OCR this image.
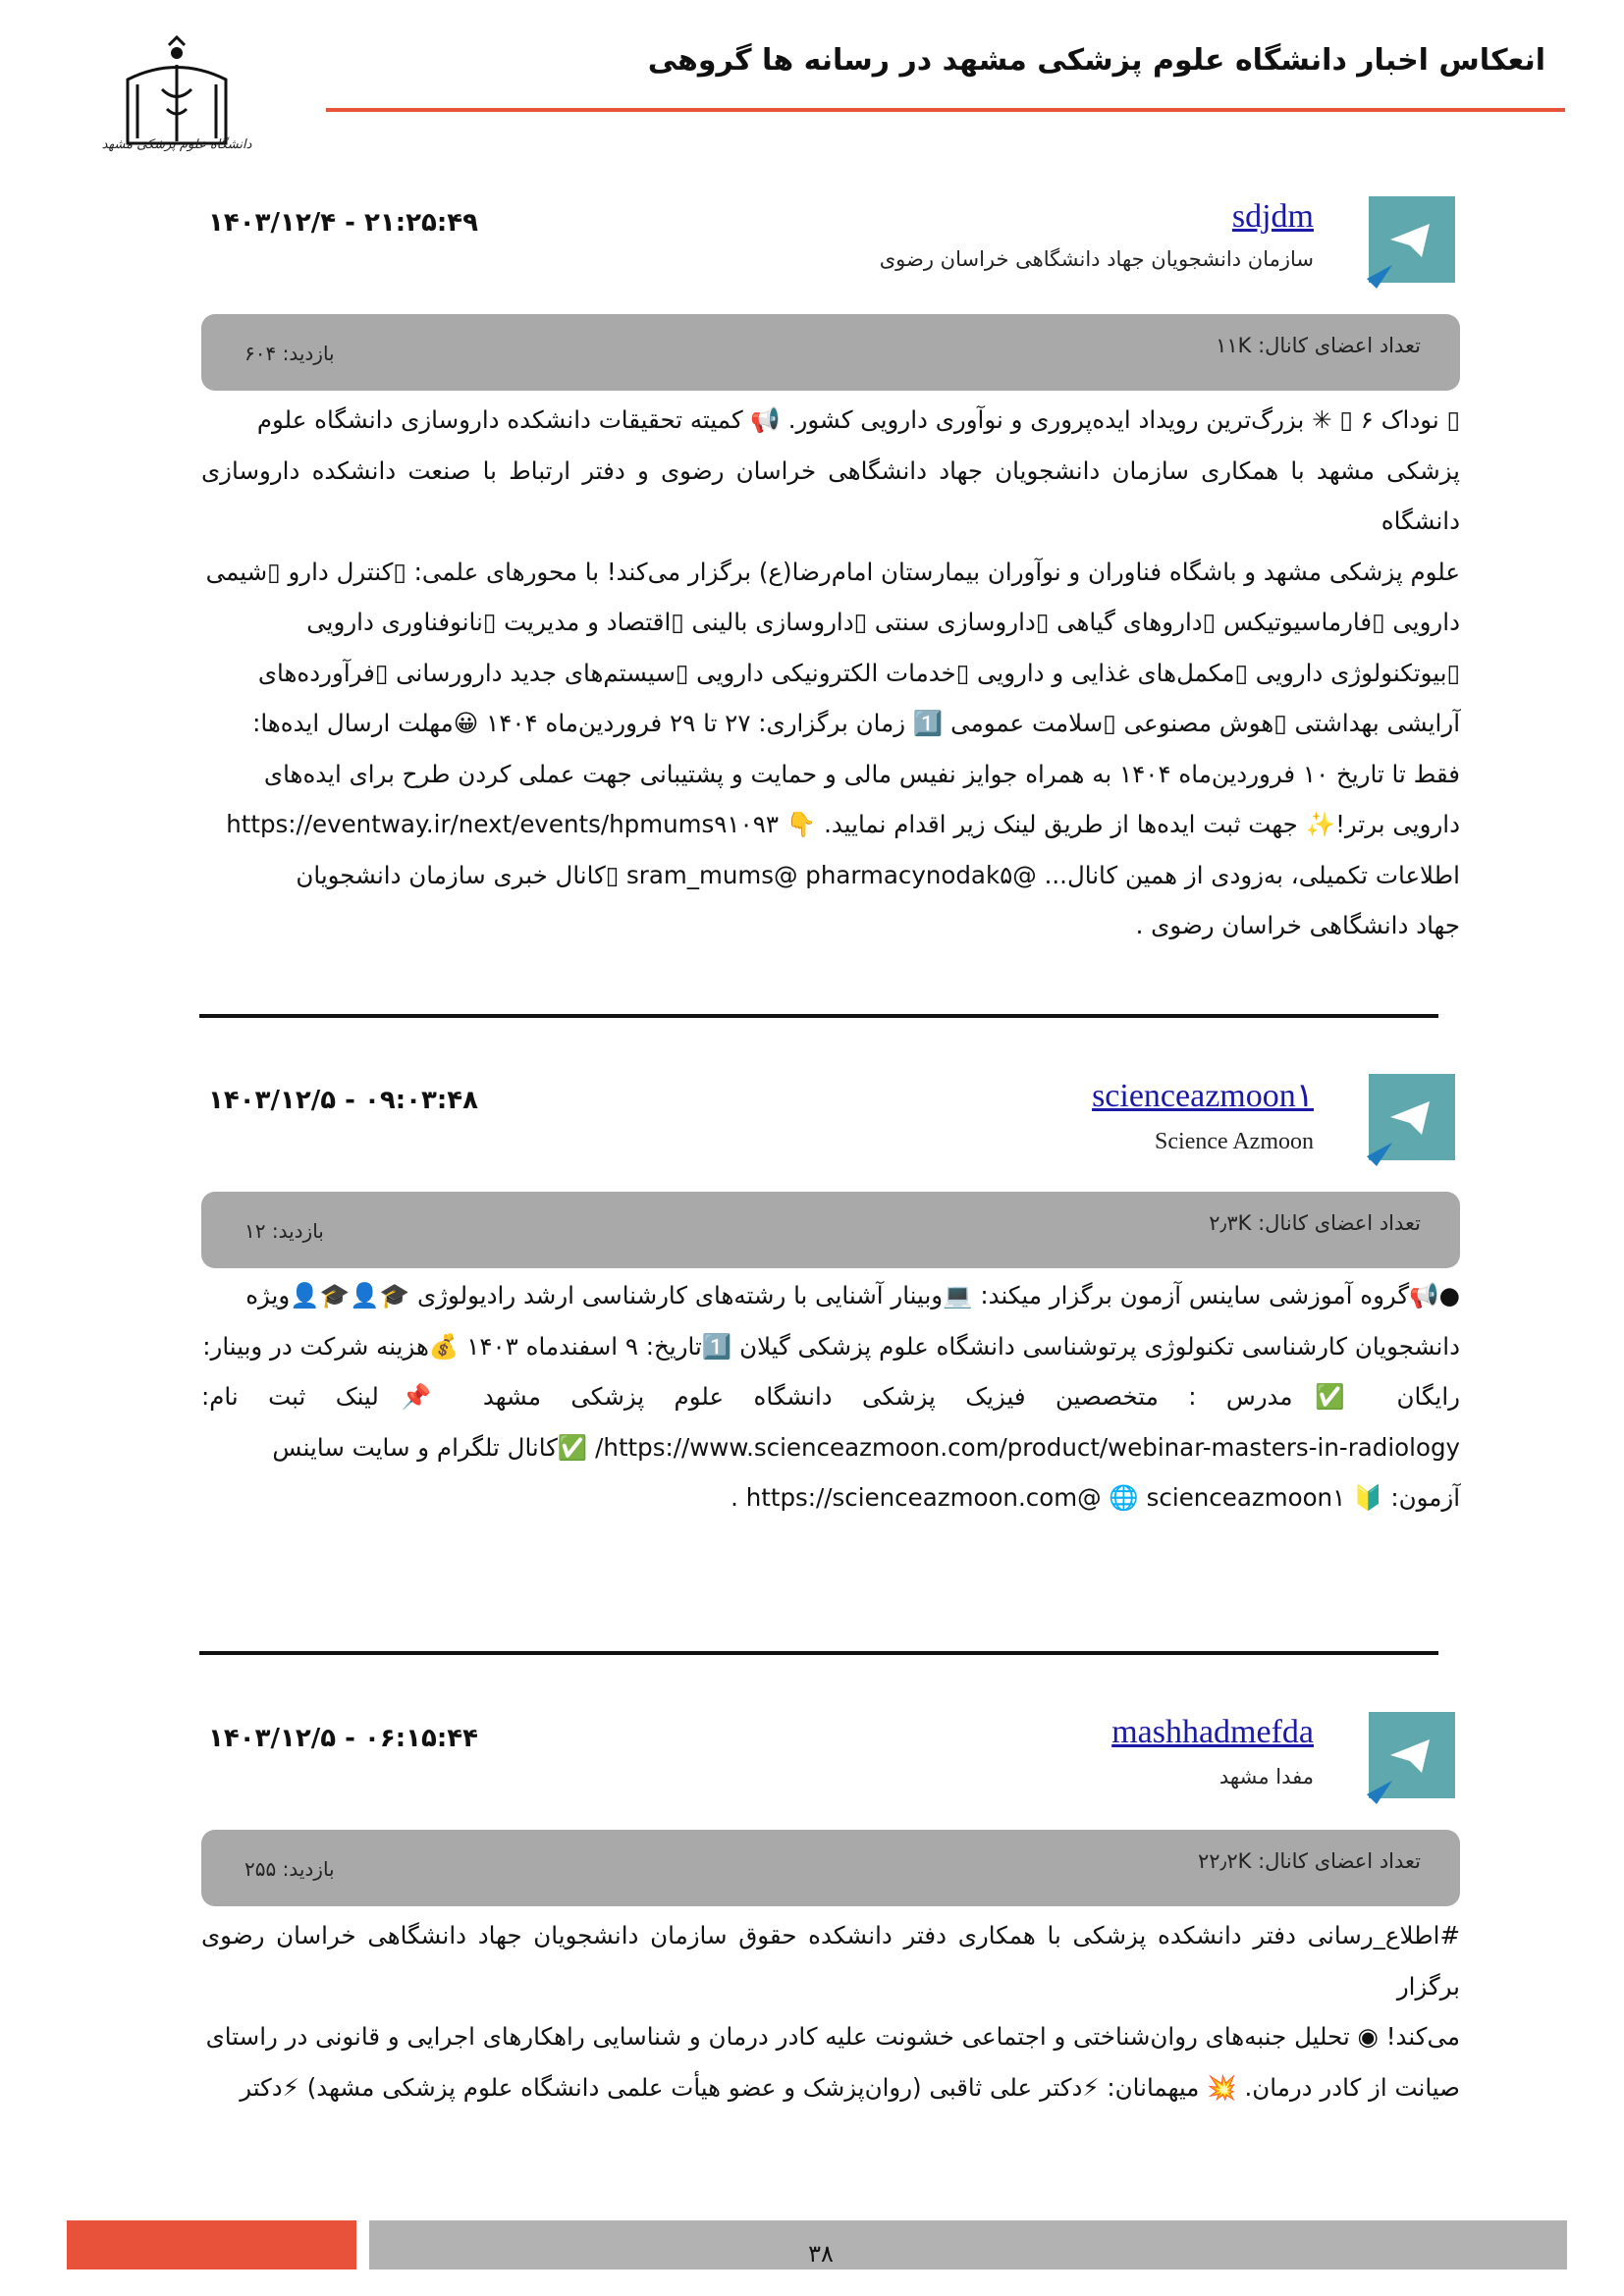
انعکاس اخبار دانشگاه علوم پزشکی مشهد در رسانه ها گروهی
دانشگاه علوم پزشکی مشهد
sdjdm
سازمان دانشجویان جهاد دانشگاهی خراسان رضوی
۱۴۰۳/۱۲/۴ - ۲۱:۲۵:۴۹
تعداد اعضای کانال: ۱۱K
بازدید: ۶۰۴
▯ نوداک ۶ ▯ ✳ بزرگ‌ترین رویداد ایده‌پروری و نوآوری دارویی کشور. 📢 کمیته تحقیقات دانشکده داروسازی دانشگاه علوم
پزشکی مشهد با همکاری سازمان دانشجویان جهاد دانشگاهی خراسان رضوی و دفتر ارتباط با صنعت دانشکده داروسازی دانشگاه
علوم پزشکی مشهد و باشگاه فناوران و نوآوران بیمارستان امام‌رضا(ع) برگزار می‌کند! با محورهای علمی: ▯کنترل دارو ▯شیمی
دارویی ▯فارماسیوتیکس ▯داروهای گیاهی ▯داروسازی سنتی ▯داروسازی بالینی ▯اقتصاد و مدیریت ▯نانوفناوری دارویی
▯بیوتکنولوژی دارویی ▯مکمل‌های غذایی و دارویی ▯خدمات الکترونیکی دارویی ▯سیستم‌های جدید دارورسانی ▯فرآورده‌های
آرایشی بهداشتی ▯هوش مصنوعی ▯سلامت عمومی 1️⃣ زمان برگزاری: ۲۷ تا ۲۹ فروردین‌ماه ۱۴۰۴ 😀مهلت ارسال ایده‌ها:
فقط تا تاریخ ۱۰ فروردین‌ماه ۱۴۰۴ به همراه جوایز نفیس مالی و حمایت و پشتیبانی جهت عملی کردن طرح برای ایده‌های
دارویی برتر!✨ جهت ثبت ایده‌ها از طریق لینک زیر اقدام نمایید. 👇 https://eventway.ir/next/events/hpmums۹۱۰۹۳
اطلاعات تکمیلی، به‌زودی از همین کانال... @sram_mums@ pharmacynodak۵ ▯کانال خبری سازمان دانشجویان
جهاد دانشگاهی خراسان رضوی .
scienceazmoon۱
Science Azmoon
۱۴۰۳/۱۲/۵ - ۰۹:۰۳:۴۸
تعداد اعضای کانال: ۲٫۳K
بازدید: ۱۲
●📢گروه آموزشی ساینس آزمون برگزار میکند: 💻وبینار آشنایی با رشته‌های کارشناسی ارشد رادیولوژی 🎓👤🎓👤ویژه
دانشجویان کارشناسی تکنولوژی پرتوشناسی دانشگاه علوم پزشکی گیلان 1️⃣تاریخ: ۹ اسفندماه ۱۴۰۳ 💰هزینه شرکت در وبینار:
رایگان ✅مدرس : متخصصین فیزیک پزشکی دانشگاه علوم پزشکی مشهد 📌لینک ثبت نام:
https://www.scienceazmoon.com/product/webinar-masters-in-radiology/ ✅کانال تلگرام و سایت ساینس
آزمون: 🔰 https://scienceazmoon.com@ 🌐 scienceazmoon۱ .
mashhadmefda
مفدا مشهد
۱۴۰۳/۱۲/۵ - ۰۶:۱۵:۴۴
تعداد اعضای کانال: ۲۲٫۲K
بازدید: ۲۵۵
#اطلاع_رسانی دفتر دانشکده پزشکی با همکاری دفتر دانشکده حقوق سازمان دانشجویان جهاد دانشگاهی خراسان رضوی برگزار
می‌کند! ◉ تحلیل جنبه‌های روان‌شناختی و اجتماعی خشونت علیه کادر درمان و شناسایی راهکارهای اجرایی و قانونی در راستای
صیانت از کادر درمان. 💥 میهمانان: ⚡دکتر علی ثاقبی (روان‌پزشک و عضو هیأت علمی دانشگاه علوم پزشکی مشهد) ⚡دکتر
۳۸
